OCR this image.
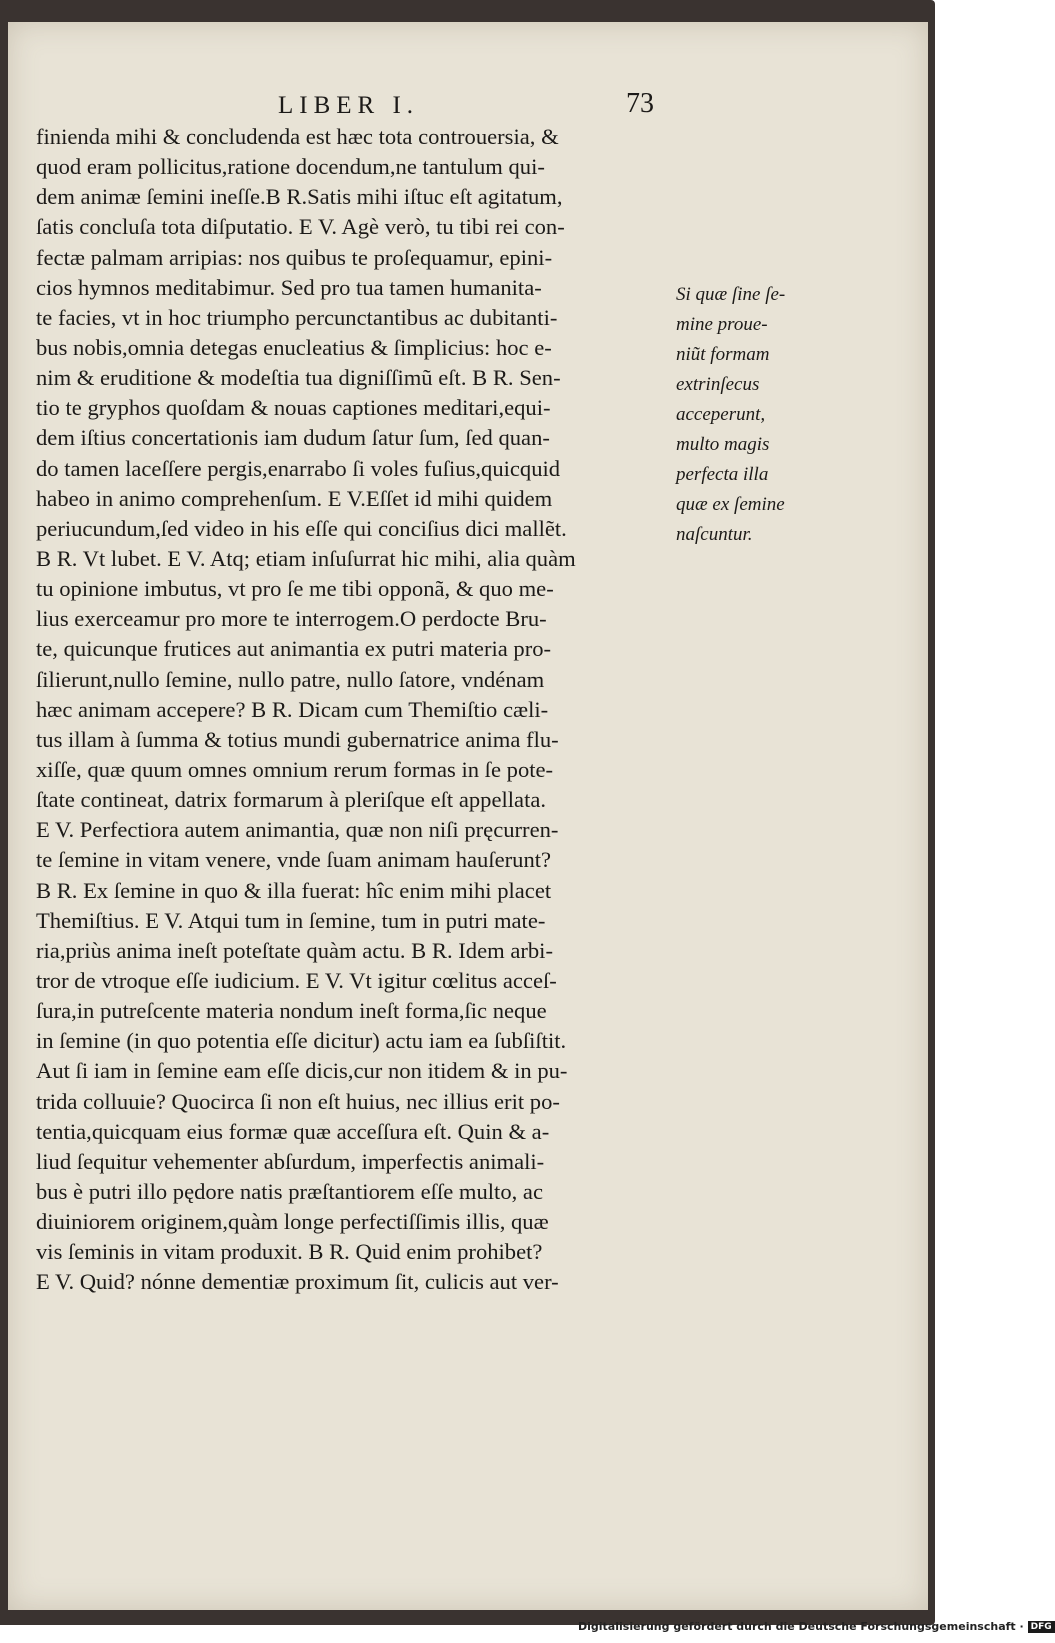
LIBER I.	73
finienda mihi & concludenda est hæc tota controuersia, &
quod eram pollicitus,ratione docendum,ne tantulum qui-
dem animæ ſemini ineſſe.B R.Satis mihi iſtuc eſt agitatum,
ſatis concluſa tota diſputatio. E V. Agè verò, tu tibi rei con-
fectæ palmam arripias: nos quibus te proſequamur, epini-
cios hymnos meditabimur. Sed pro tua tamen humanita-
te facies, vt in hoc triumpho percunctantibus ac dubitanti-
bus nobis,omnia detegas enucleatius & ſimplicius: hoc e-
nim & eruditione & modeſtia tua digniſſimũ eſt. B R. Sen-
tio te gryphos quoſdam & nouas captiones meditari,equi-
dem iſtius concertationis iam dudum ſatur ſum, ſed quan-
do tamen laceſſere pergis,enarrabo ſi voles fuſius,quicquid
habeo in animo comprehenſum. E V.Eſſet id mihi quidem
periucundum,ſed video in his eſſe qui conciſius dici mallẽt.
B R. Vt lubet. E V. Atq; etiam inſuſurrat hic mihi, alia quàm
tu opinione imbutus, vt pro ſe me tibi opponã, & quo me-
lius exerceamur pro more te interrogem.O perdocte Bru-
te, quicunque frutices aut animantia ex putri materia pro-
ſilierunt,nullo ſemine, nullo patre, nullo ſatore, vndénam
hæc animam accepere? B R. Dicam cum Themiſtio cæli-
tus illam à ſumma & totius mundi gubernatrice anima flu-
xiſſe, quæ quum omnes omnium rerum formas in ſe pote-
ſtate contineat, datrix formarum à pleriſque eſt appellata.
E V. Perfectiora autem animantia, quæ non niſi pręcurren-
te ſemine in vitam venere, vnde ſuam animam hauſerunt?
B R. Ex ſemine in quo & illa fuerat: hîc enim mihi placet
Themiſtius. E V. Atqui tum in ſemine, tum in putri mate-
ria,priùs anima ineſt poteſtate quàm actu. B R. Idem arbi-
tror de vtroque eſſe iudicium. E V. Vt igitur cœlitus acceſ-
ſura,in putreſcente materia nondum ineſt forma,ſic neque
in ſemine (in quo potentia eſſe dicitur) actu iam ea ſubſiſtit.
Aut ſi iam in ſemine eam eſſe dicis,cur non itidem & in pu-
trida colluuie? Quocirca ſi non eſt huius, nec illius erit po-
tentia,quicquam eius formæ quæ acceſſura eſt. Quin & a-
liud ſequitur vehementer abſurdum, imperfectis animali-
bus è putri illo pędore natis præſtantiorem eſſe multo, ac
diuiniorem originem,quàm longe perfectiſſimis illis, quæ
vis ſeminis in vitam produxit. B R. Quid enim prohibet?
E V. Quid? nónne dementiæ proximum ſit, culicis aut ver-
Si quæ ſine ſe-
mine proue-
niũt formam
extrinſecus
acceperunt,
multo magis
perfecta illa
quæ ex ſemine
naſcuntur.
Digitalisierung gefördert durch die Deutsche Forschungsgemeinschaft · DFG
